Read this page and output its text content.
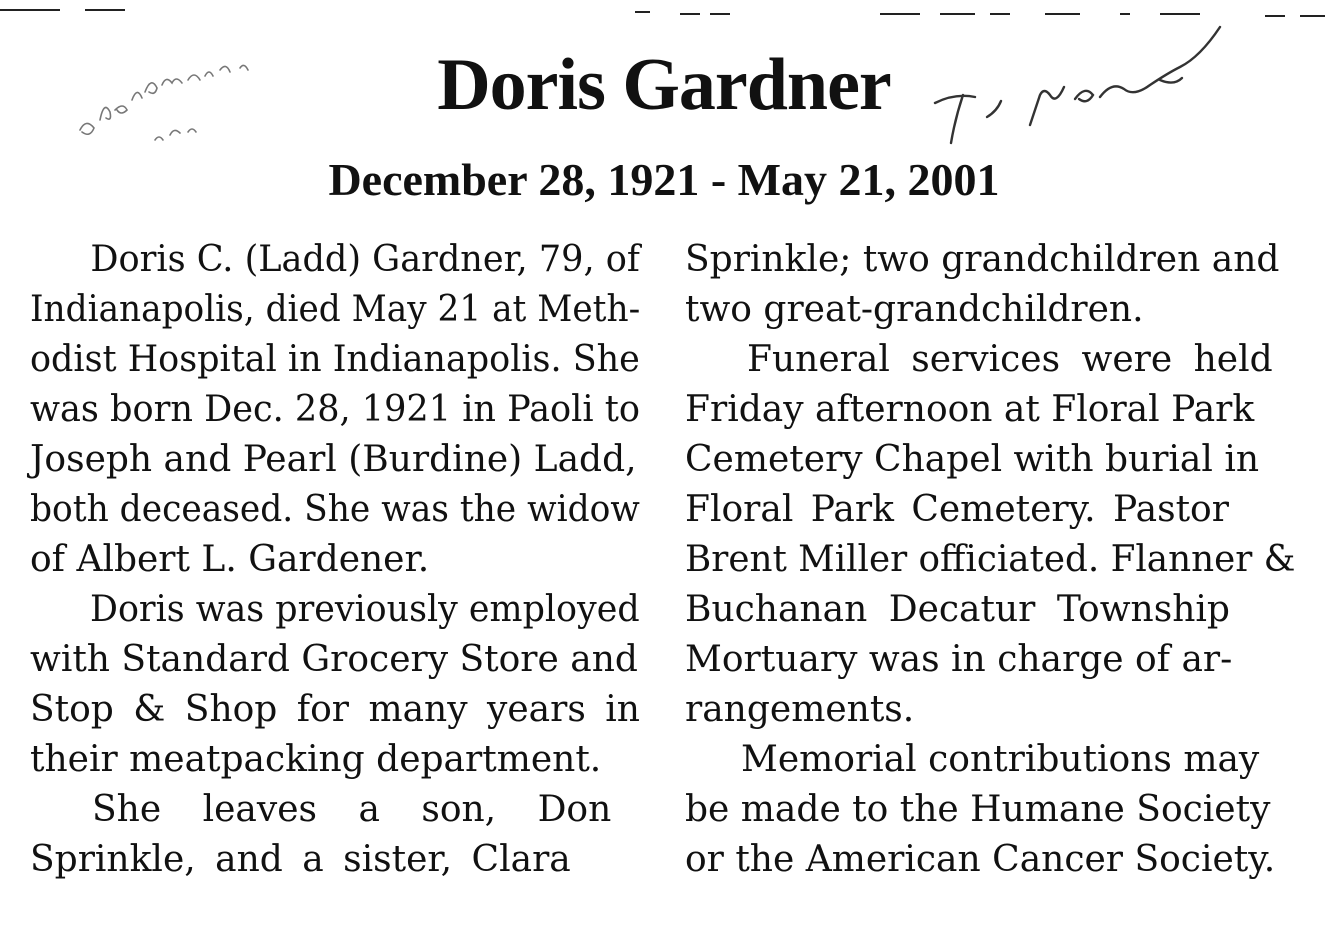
Doris Gardner
December 28, 1921 - May 21, 2001
Doris C. (Ladd) Gardner, 79, of
Indianapolis, died May 21 at Meth-
odist Hospital in Indianapolis. She
was born Dec. 28, 1921 in Paoli to
Joseph and Pearl (Burdine) Ladd,
both deceased. She was the widow
of Albert L. Gardener.
Doris was previously employed
with Standard Grocery Store and
Stop & Shop for many years in
their meatpacking department.
She leaves a son, Don
Sprinkle, and a sister, Clara
Sprinkle; two grandchildren and
two great-grandchildren.
Funeral services were held
Friday afternoon at Floral Park
Cemetery Chapel with burial in
Floral Park Cemetery. Pastor
Brent Miller officiated. Flanner &
Buchanan Decatur Township
Mortuary was in charge of ar-
rangements.
Memorial contributions may
be made to the Humane Society
or the American Cancer Society.
